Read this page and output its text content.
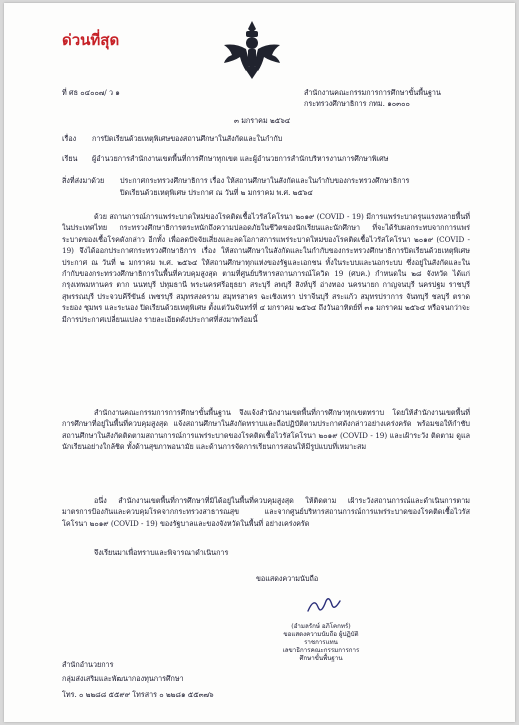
ด่วนที่สุด
ที่ ศธ ๐๔๐๐๗/ ว ๑	สำนักงานคณะกรรมการการศึกษาขั้นพื้นฐาน
กระทรวงศึกษาธิการ กทม. ๑๐๓๐๐
๓ มกราคม ๒๕๖๔
เรื่อง การปิดเรียนด้วยเหตุพิเศษของสถานศึกษาในสังกัดและในกำกับ
เรียน ผู้อำนวยการสำนักงานเขตพื้นที่การศึกษาทุกเขต และผู้อำนวยการสำนักบริหารงานการศึกษาพิเศษ
สิ่งที่ส่งมาด้วย ประกาศกระทรวงศึกษาธิการ เรื่อง ให้สถานศึกษาในสังกัดและในกำกับของกระทรวงศึกษาธิการ
ปิดเรียนด้วยเหตุพิเศษ ประกาศ ณ วันที่ ๒ มกราคม พ.ศ. ๒๕๖๔
ด้วย สถานการณ์การแพร่ระบาดใหม่ของโรคติดเชื้อไวรัสโคโรนา ๒๐๑๙ (COVID - 19) มีการแพร่ระบาดรุนแรงหลายพื้นที่ในประเทศไทย กระทรวงศึกษาธิการตระหนักถึงความปลอดภัยในชีวิตของนักเรียนและนักศึกษา ที่จะได้รับผลกระทบจากการแพร่ระบาดของเชื้อโรคดังกล่าว อีกทั้ง เพื่อลดปัจจัยเสี่ยงและลดโอกาสการแพร่ระบาดใหม่ของโรคติดเชื้อไวรัสโคโรนา ๒๐๑๙ (COVID - 19) จึงได้ออกประกาศกระทรวงศึกษาธิการ เรื่อง ให้สถานศึกษาในสังกัดและในกำกับของกระทรวงศึกษาธิการปิดเรียนด้วยเหตุพิเศษ ประกาศ ณ วันที่ ๒ มกราคม พ.ศ. ๒๕๖๔ ให้สถานศึกษาทุกแห่งของรัฐและเอกชน ทั้งในระบบและนอกระบบ ซึ่งอยู่ในสังกัดและในกำกับของกระทรวงศึกษาธิการในพื้นที่ควบคุมสูงสุด ตามที่ศูนย์บริหารสถานการณ์โควิด 19 (ศบค.) กำหนดใน ๒๘ จังหวัด ได้แก่ กรุงเทพมหานคร ตาก นนทบุรี ปทุมธานี พระนครศรีอยุธยา สระบุรี ลพบุรี สิงห์บุรี อ่างทอง นครนายก กาญจนบุรี นครปฐม ราชบุรี สุพรรณบุรี ประจวบคีรีขันธ์ เพชรบุรี สมุทรสงคราม สมุทรสาคร ฉะเชิงเทรา ปราจีนบุรี สระแก้ว สมุทรปราการ จันทบุรี ชลบุรี ตราด ระยอง ชุมพร และระนอง ปิดเรียนด้วยเหตุพิเศษ ตั้งแต่วันจันทร์ที่ ๔ มกราคม ๒๕๖๔ ถึงวันอาทิตย์ที่ ๓๑ มกราคม ๒๕๖๔ หรือจนกว่าจะมีการประกาศเปลี่ยนแปลง รายละเอียดดังประกาศที่ส่งมาพร้อมนี้
สำนักงานคณะกรรมการการศึกษาขั้นพื้นฐาน จึงแจ้งสำนักงานเขตพื้นที่การศึกษาทุกเขตทราบ โดยให้สำนักงานเขตพื้นที่การศึกษาที่อยู่ในพื้นที่ควบคุมสูงสุด แจ้งสถานศึกษาในสังกัดทราบและถือปฏิบัติตามประกาศดังกล่าวอย่างเคร่งครัด พร้อมขอให้กำชับสถานศึกษาในสังกัดติดตามสถานการณ์การแพร่ระบาดของโรคติดเชื้อไวรัสโคโรนา ๒๐๑๙ (COVID - 19) และเฝ้าระวัง ติดตาม ดูแลนักเรียนอย่างใกล้ชิด ทั้งด้านสุขภาพอนามัย และด้านการจัดการเรียนการสอนให้มีรูปแบบที่เหมาะสม
อนึ่ง สำนักงานเขตพื้นที่การศึกษาที่มิได้อยู่ในพื้นที่ควบคุมสูงสุด ให้ติดตาม เฝ้าระวังสถานการณ์และดำเนินการตามมาตรการป้องกันและควบคุมโรคจากกระทรวงสาธารณสุข และจากศูนย์บริหารสถานการณ์การแพร่ระบาดของโรคติดเชื้อไวรัสโคโรนา ๒๐๑๙ (COVID - 19) ของรัฐบาลและของจังหวัดในพื้นที่ อย่างเคร่งครัด
จึงเรียนมาเพื่อทราบและพิจารณาดำเนินการ
ขอแสดงความนับถือ
(อำมลรักษ์ อภิโคกทร์)
ขอแสดงความนับถือ ผู้ปฏิบัติราชการแทน
เลขาธิการคณะกรรมการการศึกษาขั้นพื้นฐาน
สำนักอำนวยการ
กลุ่มส่งเสริมและพัฒนากองทุนการศึกษา
โทร. ๐ ๒๒๘๘ ๕๕๙๙ โทรสาร ๐ ๒๒๘๑ ๕๕๓๗๖
